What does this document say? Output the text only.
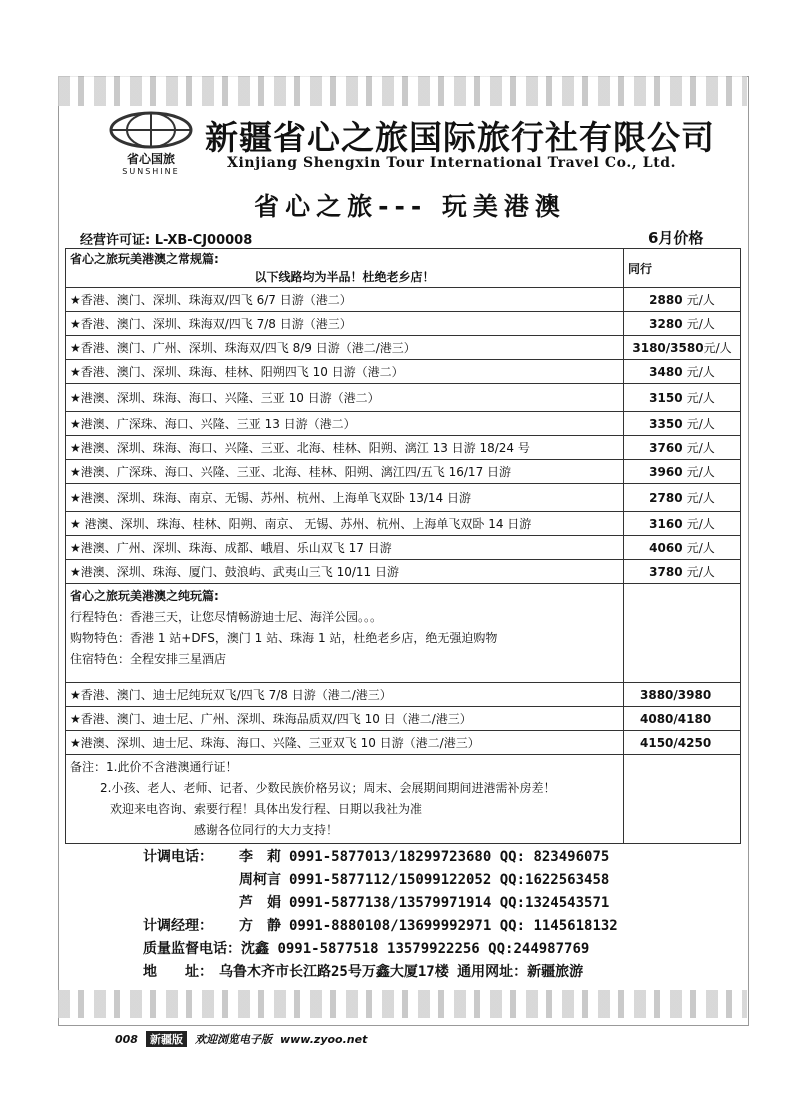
省心国旅
SUNSHINE
新疆省心之旅国际旅行社有限公司
Xinjiang Shengxin Tour International Travel Co., Ltd.
省心之旅--- 玩美港澳
经营许可证: L-XB-CJ00008	6月价格
省心之旅玩美港澳之常规篇:
以下线路均为半品！杜绝老乡店！	同行
★香港、澳门、深圳、珠海双/四飞 6/7 日游（港二）	2880 元/人
★香港、澳门、深圳、珠海双/四飞 7/8 日游（港三）	3280 元/人
★香港、澳门、广州、深圳、珠海双/四飞 8/9 日游（港二/港三）	3180/3580元/人
★香港、澳门、深圳、珠海、桂林、阳朔四飞 10 日游（港二）	3480 元/人
★港澳、深圳、珠海、海口、兴隆、三亚 10 日游（港二）	3150 元/人
★港澳、广深珠、海口、兴隆、三亚 13 日游（港二）	3350 元/人
★港澳、深圳、珠海、海口、兴隆、三亚、北海、桂林、阳朔、漓江 13 日游 18/24 号	3760 元/人
★港澳、广深珠、海口、兴隆、三亚、北海、桂林、阳朔、漓江四/五飞 16/17 日游	3960 元/人
★港澳、深圳、珠海、南京、无锡、苏州、杭州、上海单飞双卧 13/14 日游	2780 元/人
★ 港澳、深圳、珠海、桂林、阳朔、南京、 无锡、苏州、杭州、上海单飞双卧 14 日游	3160 元/人
★港澳、广州、深圳、珠海、成都、峨眉、乐山双飞 17 日游	4060 元/人
★港澳、深圳、珠海、厦门、鼓浪屿、武夷山三飞 10/11 日游	3780 元/人

省心之旅玩美港澳之纯玩篇:
行程特色：香港三天，让您尽情畅游迪士尼、海洋公园。。。
购物特色：香港 1 站+DFS，澳门 1 站、珠海 1 站，杜绝老乡店，绝无强迫购物
住宿特色：全程安排三星酒店	

★香港、澳门、迪士尼纯玩双飞/四飞 7/8 日游（港二/港三）	3880/3980
★香港、澳门、迪士尼、广州、深圳、珠海品质双/四飞 10 日（港二/港三）	4080/4180
★港澳、深圳、迪士尼、珠海、海口、兴隆、三亚双飞 10 日游（港二/港三）	4150/4250

备注：1.此价不含港澳通行证！
2.小孩、老人、老师、记者、少数民族价格另议；周末、会展期间期间进港需补房差！
欢迎来电咨询、索要行程！具体出发行程、日期以我社为准
感谢各位同行的大力支持！	

计调电话： 李　莉 0991-5877013/18299723680 QQ: 823496075
周柯言 0991-5877112/15099122052 QQ:1622563458
芦　娟 0991-5877138/13579971914 QQ:1324543571
计调经理： 方　静 0991-8880108/13699992971 QQ: 1145618132
质量监督电话：沈鑫 0991-5877518 13579922256 QQ:244987769
地　　址： 乌鲁木齐市长江路25号万鑫大厦17楼 通用网址：新疆旅游
008	新疆版	欢迎浏览电子版 www.zyoo.net
